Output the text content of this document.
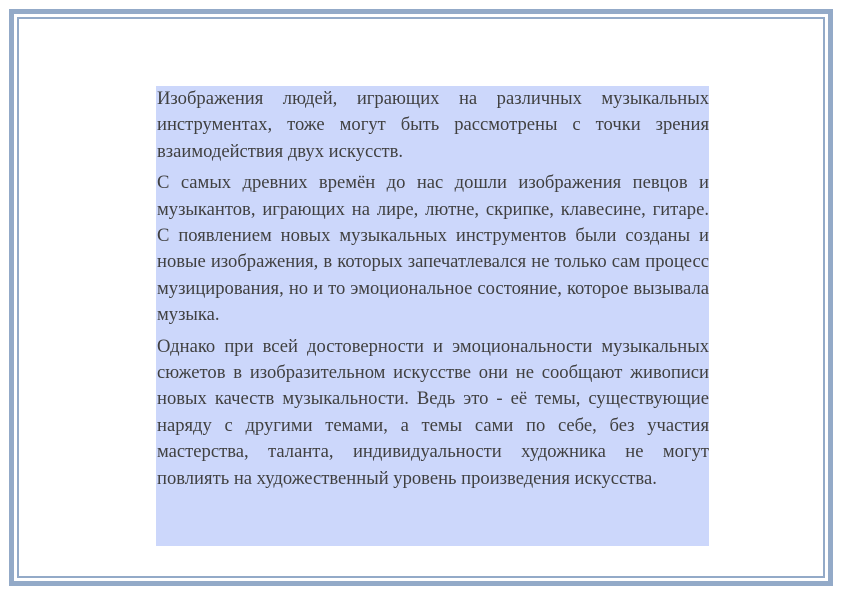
Изображения людей, играющих на различных музыкальных инструментах, тоже могут быть рассмотрены с точки зрения взаимодействия двух искусств.

С самых древних времён до нас дошли изображения певцов и музыкантов, играющих на лире, лютне, скрипке, клавесине, гитаре. С появлением новых музыкальных инструментов были созданы и новые изображения, в которых запечатлевался не только сам процесс музицирования, но и то эмоциональное состояние, которое вызывала музыка.

Однако при всей достоверности и эмоциональности музыкальных сюжетов в изобразительном искусстве они не сообщают живописи новых качеств музыкальности. Ведь это - её темы, существующие наряду с другими темами, а темы сами по себе, без участия мастерства, таланта, индивидуальности художника не могут повлиять на художественный уровень произведения искусства.
